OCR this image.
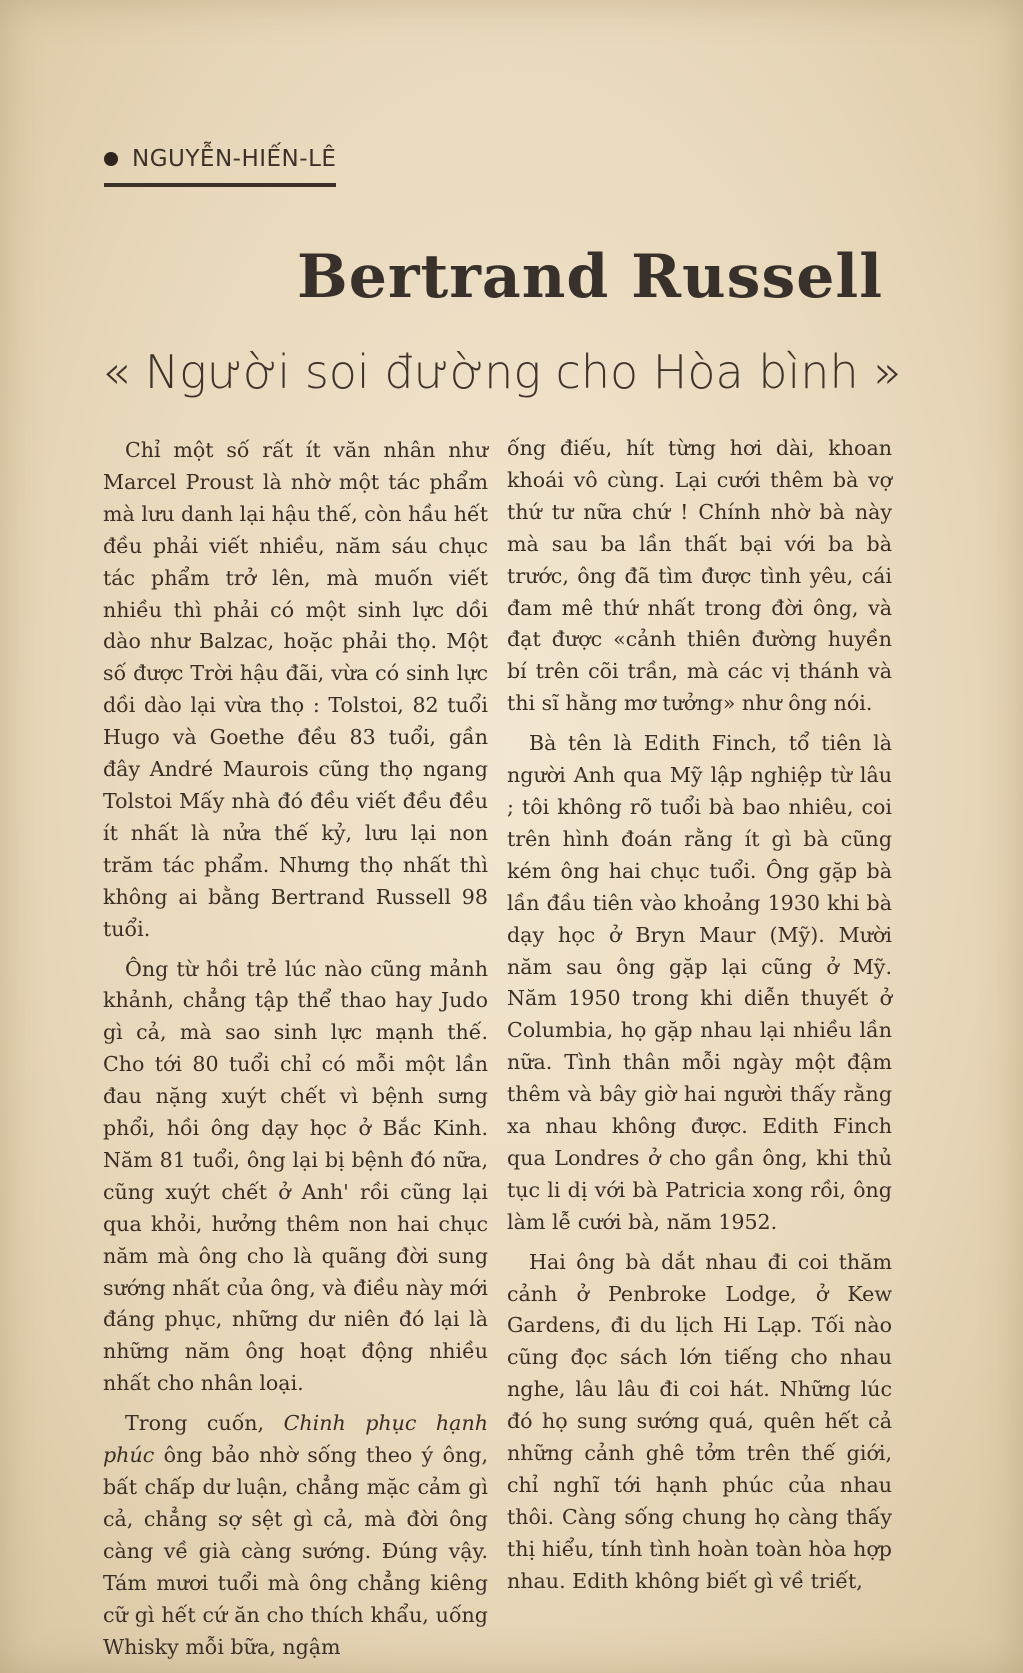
NGUYỄN-HIẾN-LÊ
Bertrand Russell
« Người soi đường cho Hòa bình »

Chỉ một số rất ít văn nhân như Marcel Proust là nhờ một tác phẩm mà lưu danh lại hậu thế, còn hầu hết đều phải viết nhiều, năm sáu chục tác phẩm trở lên, mà muốn viết nhiều thì phải có một sinh lực dồi dào như Balzac, hoặc phải thọ. Một số được Trời hậu đãi, vừa có sinh lực dồi dào lại vừa thọ : Tolstoi, 82 tuổi Hugo và Goethe đều 83 tuổi, gần đây André Maurois cũng thọ ngang Tolstoi Mấy nhà đó đều viết đều đều ít nhất là nửa thế kỷ, lưu lại non trăm tác phẩm. Nhưng thọ nhất thì không ai bằng Bertrand Russell 98 tuổi.

Ông từ hồi trẻ lúc nào cũng mảnh khảnh, chẳng tập thể thao hay Judo gì cả, mà sao sinh lực mạnh thế. Cho tới 80 tuổi chỉ có mỗi một lần đau nặng xuýt chết vì bệnh sưng phổi, hồi ông dạy học ở Bắc Kinh. Năm 81 tuổi, ông lại bị bệnh đó nữa, cũng xuýt chết ở Anh' rồi cũng lại qua khỏi, hưởng thêm non hai chục năm mà ông cho là quãng đời sung sướng nhất của ông, và điều này mới đáng phục, những dư niên đó lại là những năm ông hoạt động nhiều nhất cho nhân loại.

Trong cuốn, Chinh phục hạnh phúc ông bảo nhờ sống theo ý ông, bất chấp dư luận, chẳng mặc cảm gì cả, chẳng sợ sệt gì cả, mà đời ông càng về già càng sướng. Đúng vậy. Tám mươi tuổi mà ông chẳng kiêng cữ gì hết cứ ăn cho thích khẩu, uống Whisky mỗi bữa, ngậm

ống điếu, hít từng hơi dài, khoan khoái vô cùng. Lại cưới thêm bà vợ thứ tư nữa chứ ! Chính nhờ bà này mà sau ba lần thất bại với ba bà trước, ông đã tìm được tình yêu, cái đam mê thứ nhất trong đời ông, và đạt được «cảnh thiên đường huyền bí trên cõi trần, mà các vị thánh và thi sĩ hằng mơ tưởng» như ông nói.

Bà tên là Edith Finch, tổ tiên là người Anh qua Mỹ lập nghiệp từ lâu ; tôi không rõ tuổi bà bao nhiêu, coi trên hình đoán rằng ít gì bà cũng kém ông hai chục tuổi. Ông gặp bà lần đầu tiên vào khoảng 1930 khi bà dạy học ở Bryn Maur (Mỹ). Mười năm sau ông gặp lại cũng ở Mỹ. Năm 1950 trong khi diễn thuyết ở Columbia, họ gặp nhau lại nhiều lần nữa. Tình thân mỗi ngày một đậm thêm và bây giờ hai người thấy rằng xa nhau không được. Edith Finch qua Londres ở cho gần ông, khi thủ tục li dị với bà Patricia xong rồi, ông làm lễ cưới bà, năm 1952.

Hai ông bà dắt nhau đi coi thăm cảnh ở Penbroke Lodge, ở Kew Gardens, đi du lịch Hi Lạp. Tối nào cũng đọc sách lớn tiếng cho nhau nghe, lâu lâu đi coi hát. Những lúc đó họ sung sướng quá, quên hết cả những cảnh ghê tởm trên thế giới, chỉ nghĩ tới hạnh phúc của nhau thôi. Càng sống chung họ càng thấy thị hiểu, tính tình hoàn toàn hòa hợp nhau. Edith không biết gì về triết,
